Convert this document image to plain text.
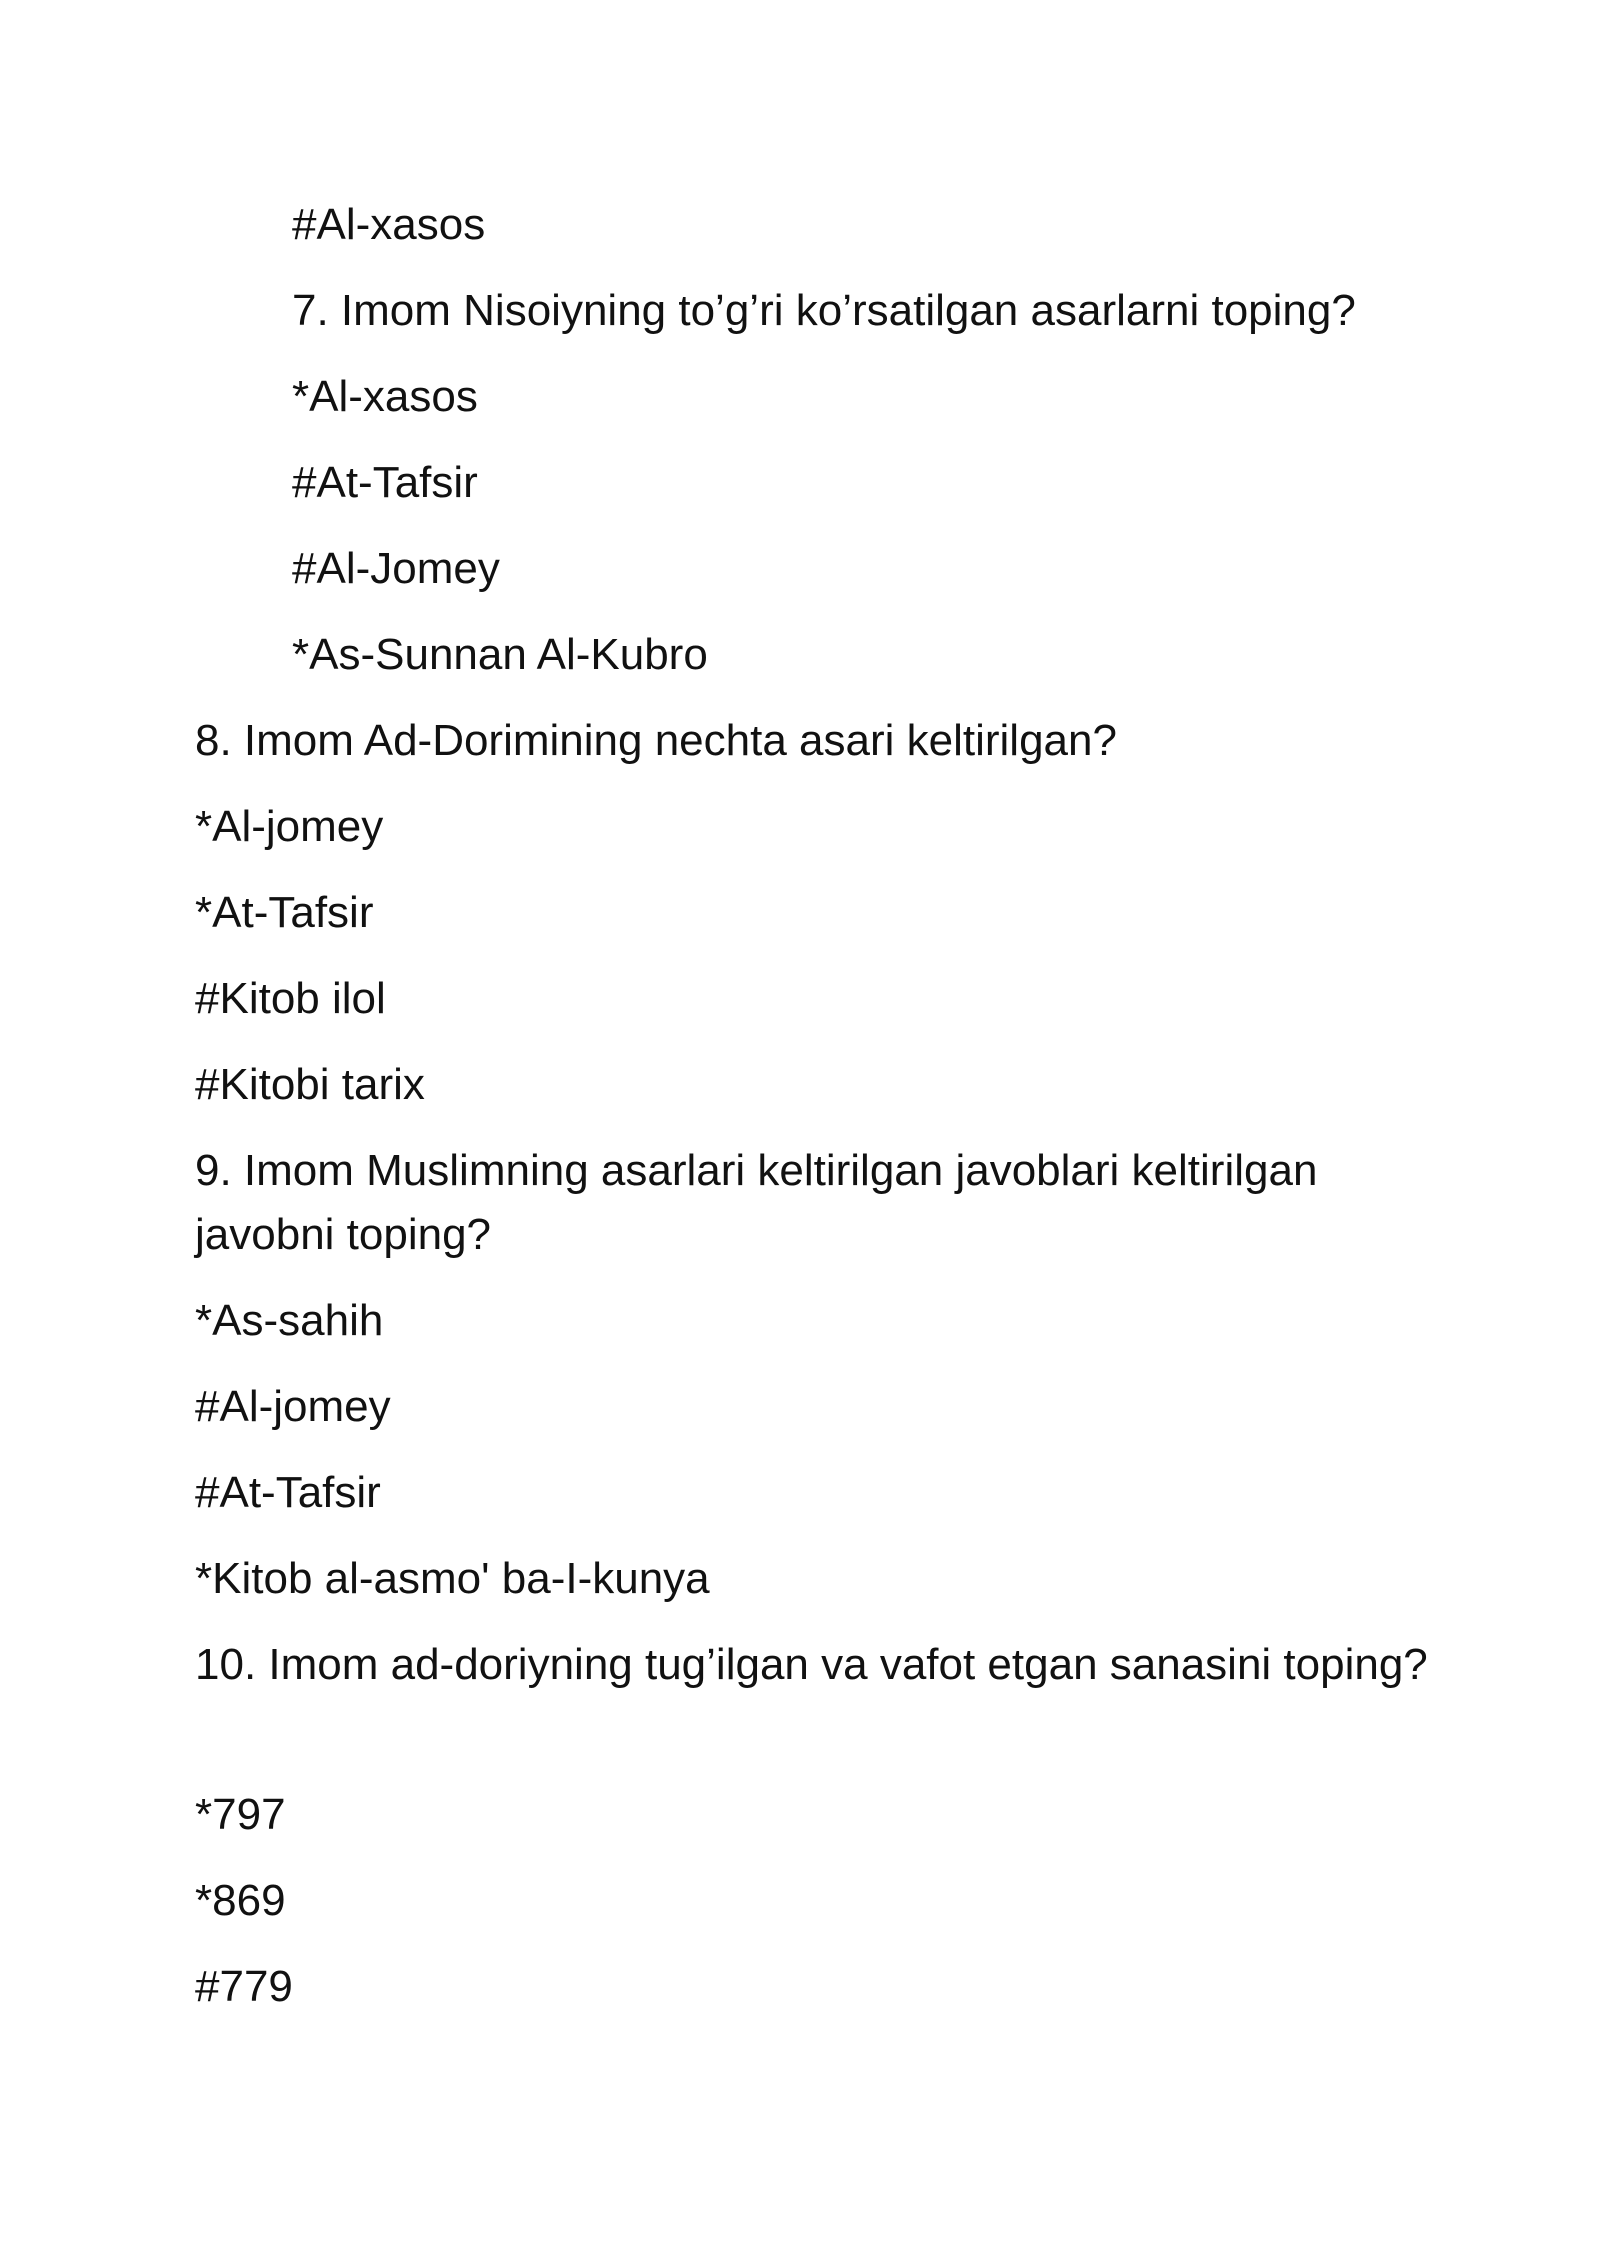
#Al-xasos
7. Imom Nisoiyning to’g’ri ko’rsatilgan asarlarni toping?
*Al-xasos
#At-Tafsir
#Al-Jomey
*As-Sunnan Al-Kubro
8. Imom Ad-Dorimining nechta asari keltirilgan?
*Al-jomey
*At-Tafsir
#Kitob ilol
#Kitobi tarix
9. Imom Muslimning asarlari keltirilgan javoblari keltirilgan javobni toping?
*As-sahih
#Al-jomey
#At-Tafsir
*Kitob al-asmo' ba-I-kunya
10. Imom ad-doriyning tug’ilgan va vafot etgan sanasini toping?
*797
*869
#779
